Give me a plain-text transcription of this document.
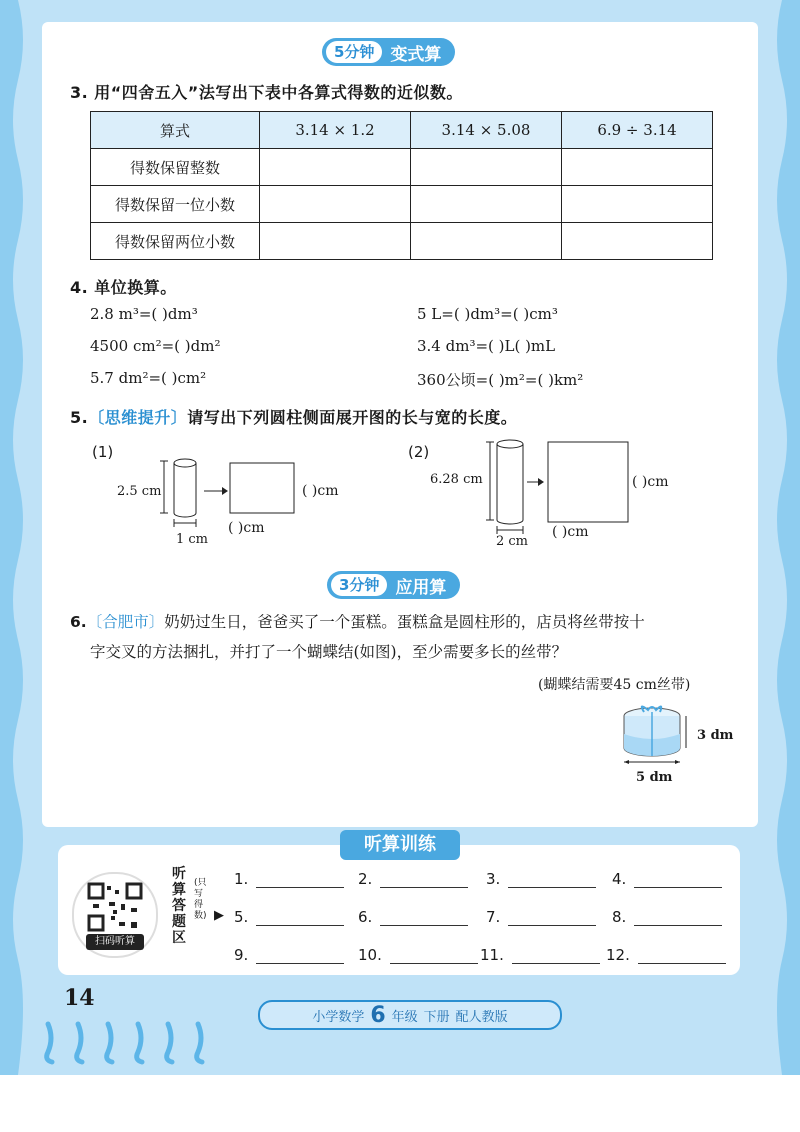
5分钟 变式算
3. 用“四舍五入”法写出下表中各算式得数的近似数。
算式	3.14 × 1.2	3.14 × 5.08	6.9 ÷ 3.14
得数保留整数			
得数保留一位小数			
得数保留两位小数			
4. 单位换算。
2.8 m³=( )dm³	5 L=( )dm³=( )cm³
4500 cm²=( )dm²	3.4 dm³=( )L( )mL
5.7 dm²=( )cm²	360公顷=( )m²=( )km²
5.〔思维提升〕请写出下列圆柱侧面展开图的长与宽的长度。
(1)
2.5 cm
1 cm
( )cm
( )cm
(2)
6.28 cm
2 cm
( )cm
( )cm
3分钟 应用算
6.〔合肥市〕奶奶过生日，爸爸买了一个蛋糕。蛋糕盒是圆柱形的，店员将丝带按十
字交叉的方法捆扎，并打了一个蝴蝶结(如图)，至少需要多长的丝带？
(蝴蝶结需要45 cm丝带)
3 dm
5 dm
听算训练
扫码听算
听算答题区
(只写得数) ▶
1.	2.	3.	4.
5.	6.	7.	8.
9.	10.	11.	12.
14
小学数学 6 年级 下册 配人教版
